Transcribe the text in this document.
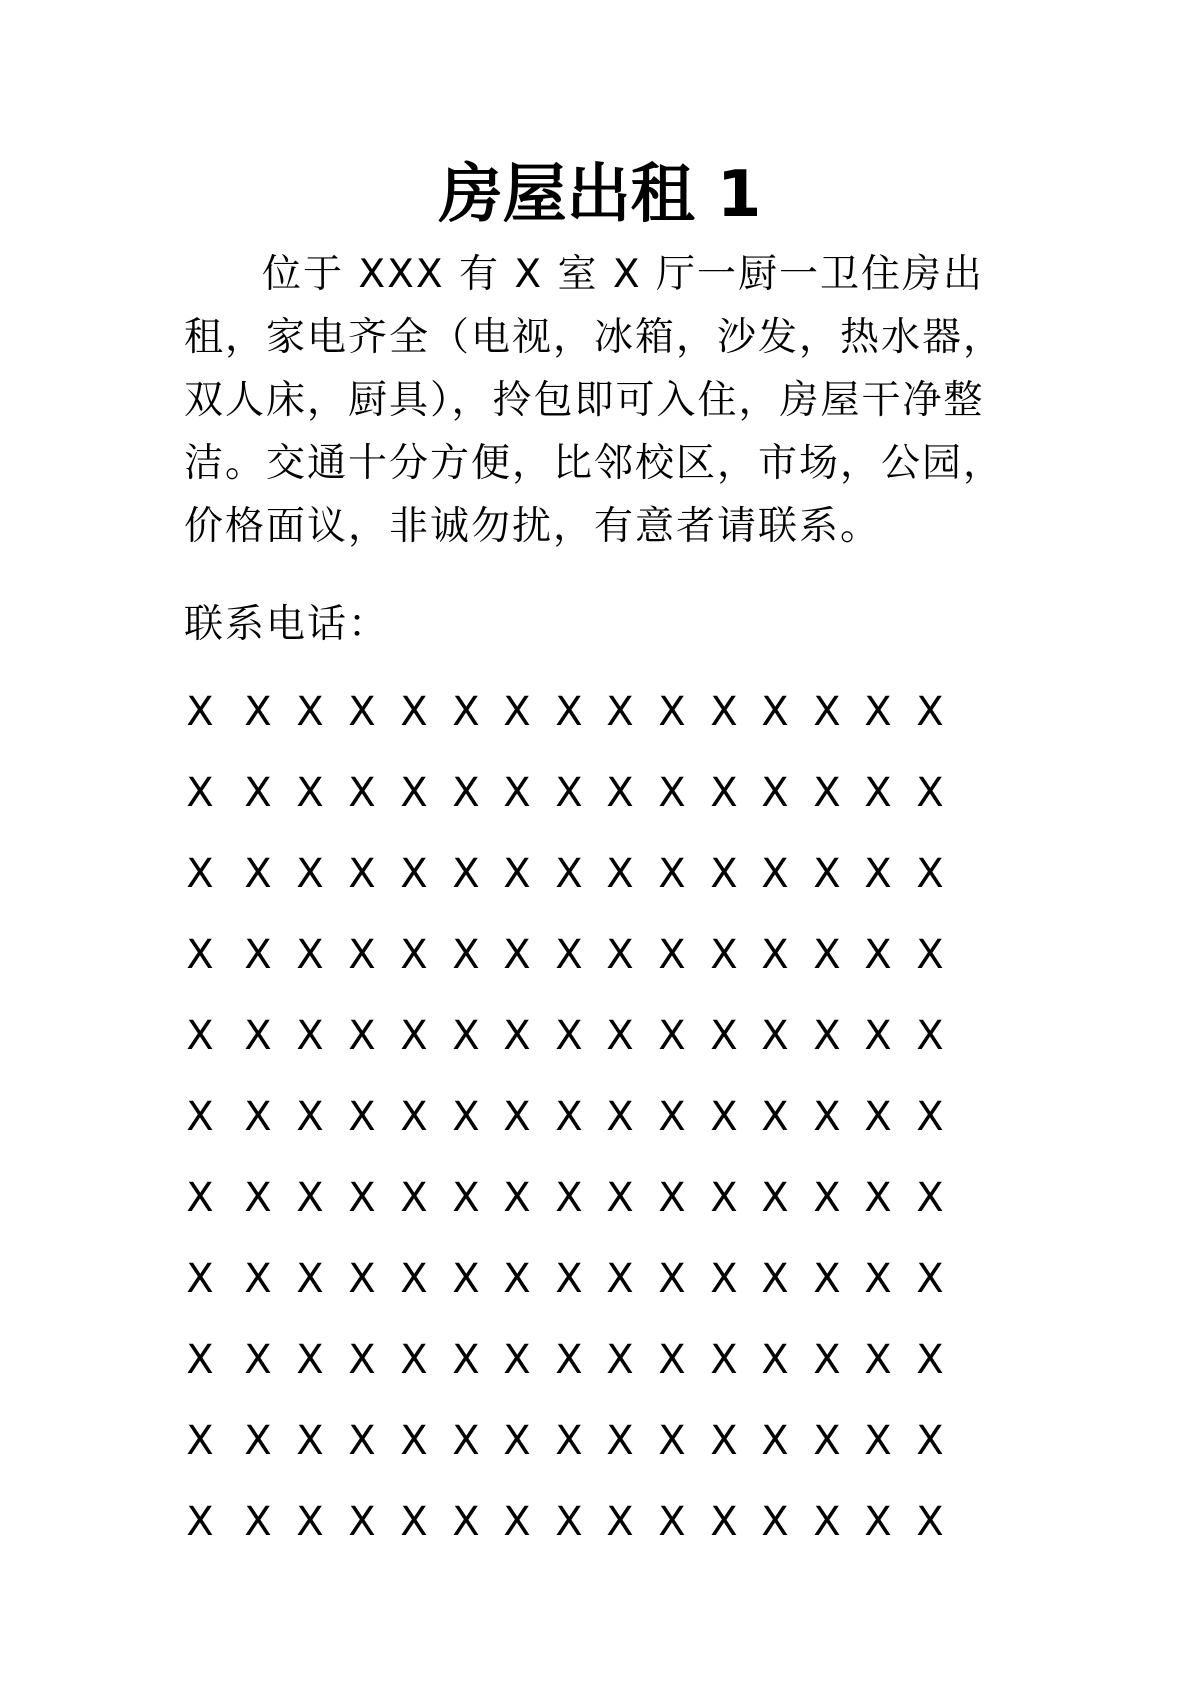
房屋出租 1

位于 XXX 有 X 室 X 厅一厨一卫住房出租，家电齐全（电视，冰箱，沙发，热水器，双人床，厨具），拎包即可入住，房屋干净整洁。交通十分方便，比邻校区，市场，公园，价格面议，非诚勿扰，有意者请联系。

联系电话：

X X X X X X X X X X X X X X X
X X X X X X X X X X X X X X X
X X X X X X X X X X X X X X X
X X X X X X X X X X X X X X X
X X X X X X X X X X X X X X X
X X X X X X X X X X X X X X X
X X X X X X X X X X X X X X X
X X X X X X X X X X X X X X X
X X X X X X X X X X X X X X X
X X X X X X X X X X X X X X X
X X X X X X X X X X X X X X X
